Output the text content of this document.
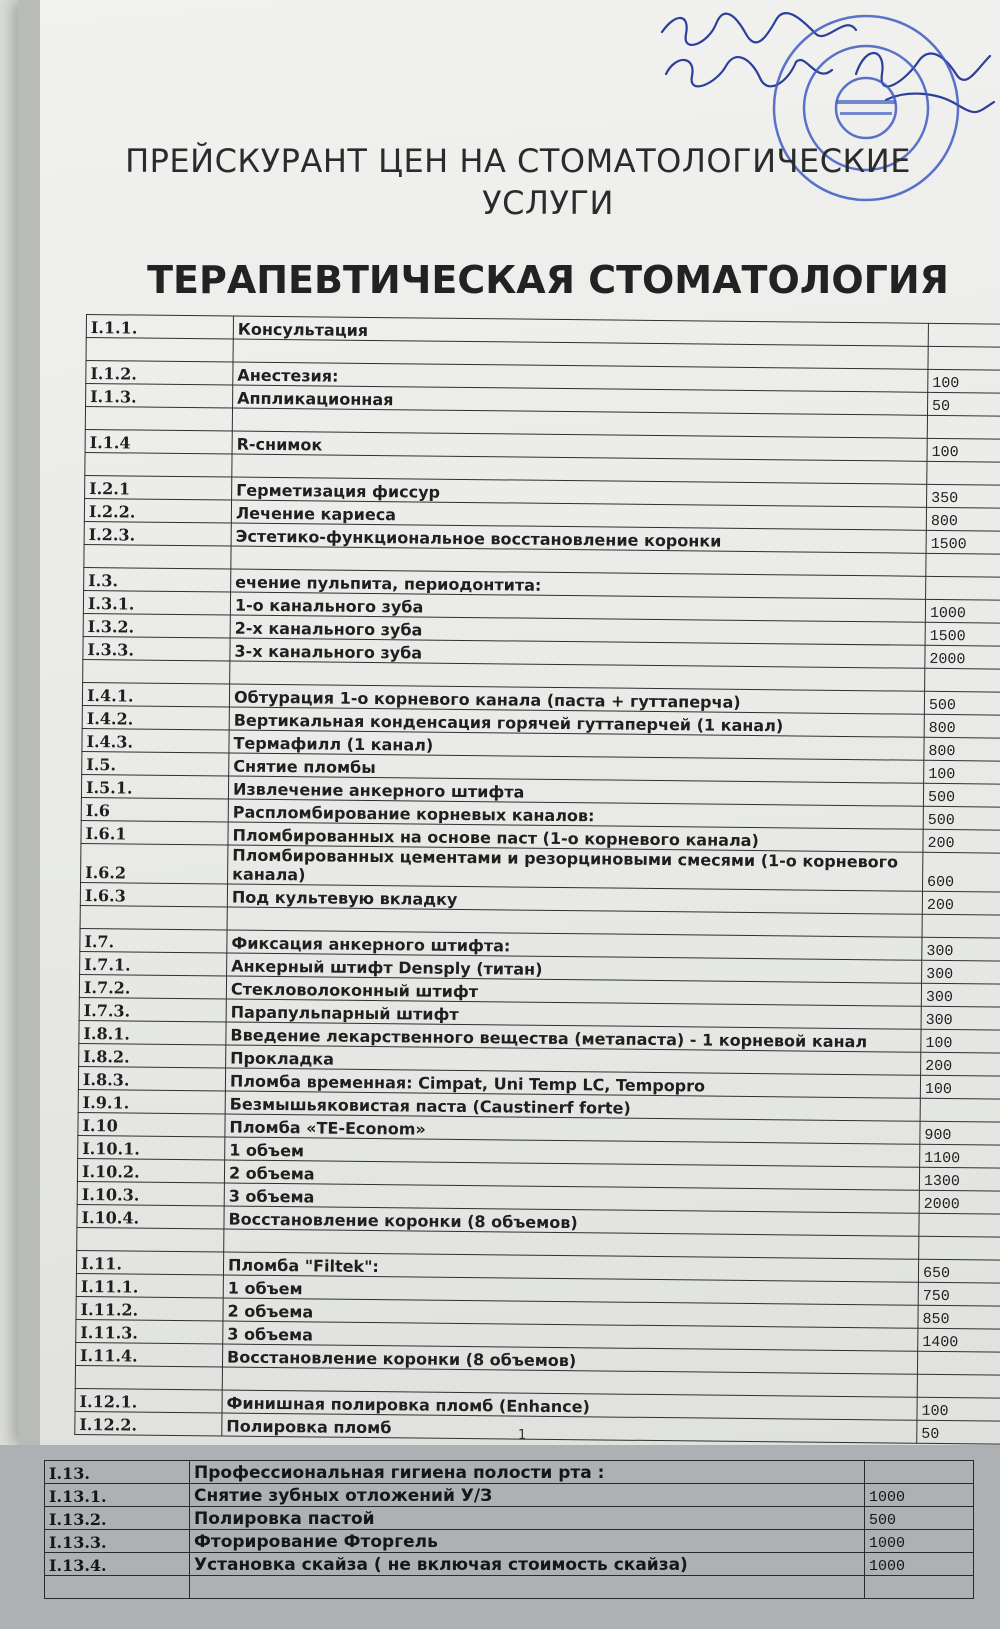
ПРЕЙСКУРАНТ ЦЕН НА СТОМАТОЛОГИЧЕСКИЕ
УСЛУГИ
ТЕРАПЕВТИЧЕСКАЯ СТОМАТОЛОГИЯ
I.1.1.	Консультация	

I.1.2.	Анестезия:	100
I.1.3.	Аппликационная	50

I.1.4	R-снимок	100

I.2.1	Герметизация фиссур	350
I.2.2.	Лечение кариеса	800
I.2.3.	Эстетико-функциональное восстановление коронки	1500

I.3.	ечение пульпита, периодонтита:	
I.3.1.	1-о канального зуба	1000
I.3.2.	2-х канального зуба	1500
I.3.3.	3-х канального зуба	2000

I.4.1.	Обтурация 1-о корневого канала (паста + гуттаперча)	500
I.4.2.	Вертикальная конденсация горячей гуттаперчей (1 канал)	800
I.4.3.	Термафилл (1 канал)	800
I.5.	Снятие пломбы	100
I.5.1.	Извлечение анкерного штифта	500
I.6	Распломбирование корневых каналов:	500
I.6.1	Пломбированных на основе паст (1-о корневого канала)	200
I.6.2	Пломбированных цементами и резорциновыми смесями (1-о корневого канала)	600
I.6.3	Под культевую вкладку	200

I.7.	Фиксация анкерного штифта:	300
I.7.1.	Анкерный штифт Densply (титан)	300
I.7.2.	Стекловолоконный штифт	300
I.7.3.	Парапульпарный штифт	300
I.8.1.	Введение лекарственного вещества (метапаста) - 1 корневой канал	100
I.8.2.	Прокладка	200
I.8.3.	Пломба временная: Cimpat, Uni Temp LC, Tempopro	100
I.9.1.	Безмышьяковистая паста (Caustinerf forte)	
I.10	Пломба «TE-Econom»	900
I.10.1.	1 объем	1100
I.10.2.	2 объема	1300
I.10.3.	3 объема	2000
I.10.4.	Восстановление коронки (8 объемов)	

I.11.	Пломба "Filtek":	650
I.11.1.	1 объем	750
I.11.2.	2 объема	850
I.11.3.	3 объема	1400
I.11.4.	Восстановление коронки (8 объемов)	

I.12.1.	Финишная полировка пломб (Enhance)	100
I.12.2.	Полировка пломб	50
1
I.13.	Профессиональная гигиена полости рта :	
I.13.1.	Снятие зубных отложений У/З	1000
I.13.2.	Полировка пастой	500
I.13.3.	Фторирование Фторгель	1000
I.13.4.	Установка скайза ( не включая стоимость скайза)	1000
